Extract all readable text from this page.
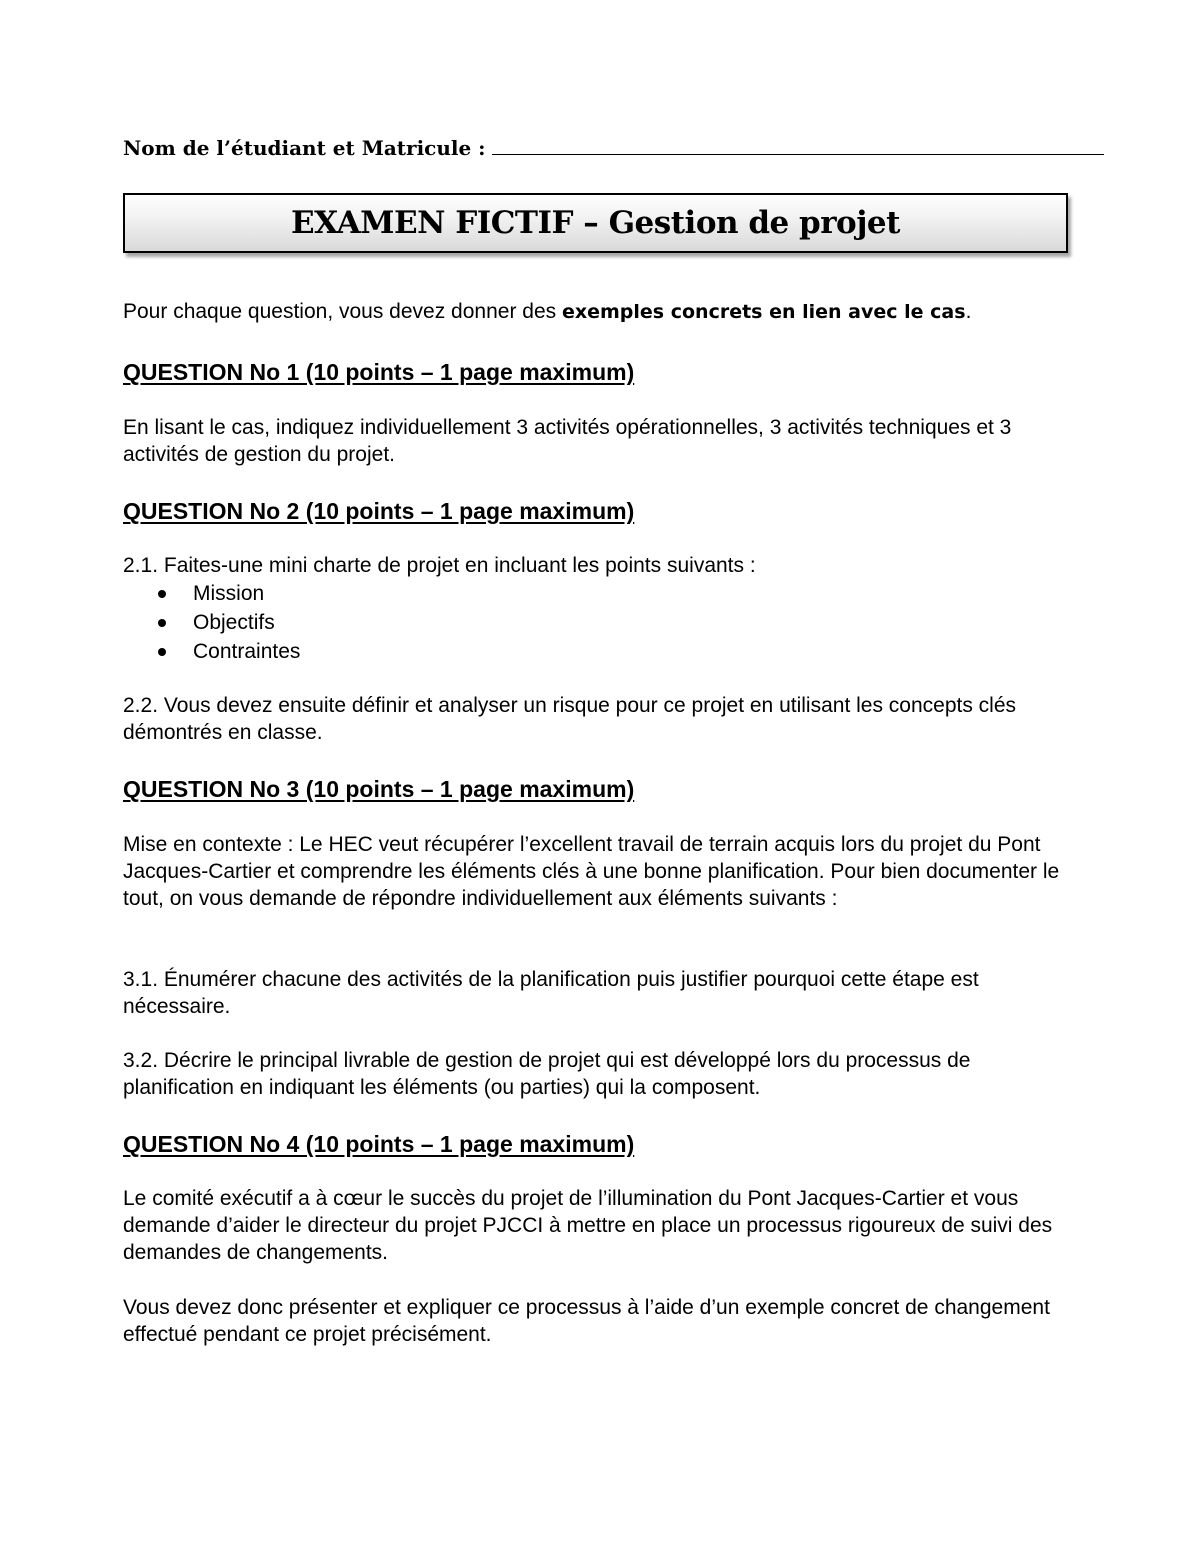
Nom de l’étudiant et Matricule :
EXAMEN FICTIF – Gestion de projet

Pour chaque question, vous devez donner des exemples concrets en lien avec le cas.

QUESTION No 1 (10 points – 1 page maximum)

En lisant le cas, indiquez individuellement 3 activités opérationnelles, 3 activités techniques et 3 activités de gestion du projet.

QUESTION No 2 (10 points – 1 page maximum)

2.1. Faites-une mini charte de projet en incluant les points suivants :

Mission
Objectifs
Contraintes

2.2. Vous devez ensuite définir et analyser un risque pour ce projet en utilisant les concepts clés démontrés en classe.

QUESTION No 3 (10 points – 1 page maximum)

Mise en contexte : Le HEC veut récupérer l’excellent travail de terrain acquis lors du projet du Pont Jacques-Cartier et comprendre les éléments clés à une bonne planification. Pour bien documenter le tout, on vous demande de répondre individuellement aux éléments suivants :

3.1. Énumérer chacune des activités de la planification puis justifier pourquoi cette étape est nécessaire.

3.2. Décrire le principal livrable de gestion de projet qui est développé lors du processus de planification en indiquant les éléments (ou parties) qui la composent.

QUESTION No 4 (10 points – 1 page maximum)

Le comité exécutif a à cœur le succès du projet de l’illumination du Pont Jacques-Cartier et vous demande d’aider le directeur du projet PJCCI à mettre en place un processus rigoureux de suivi des demandes de changements.

Vous devez donc présenter et expliquer ce processus à l’aide d’un exemple concret de changement effectué pendant ce projet précisément.
